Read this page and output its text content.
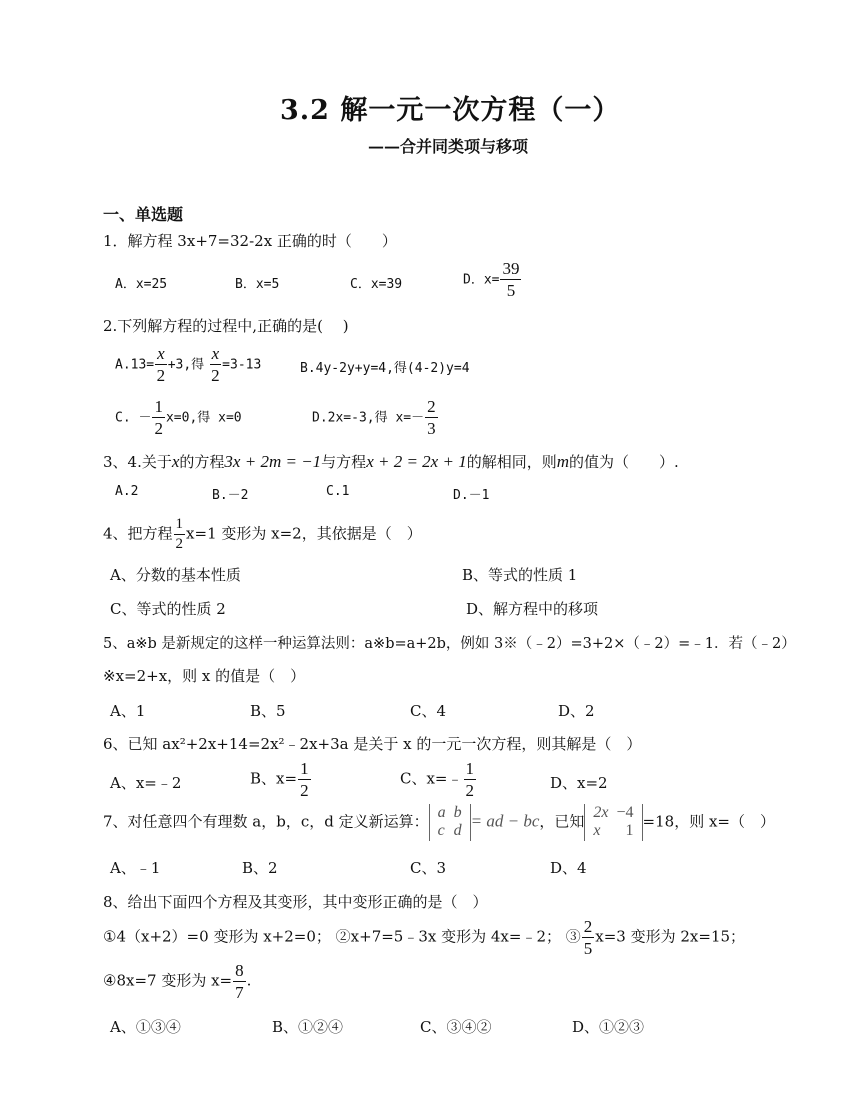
3.2 解一元一次方程（一）
——合并同类项与移项
一、单选题
1．解方程 3x+7=32-2x 正确的时（　　）
A．x=25	B．x=5	C．x=39	D．$x= \frac{39}{5}$
2.下列解方程的过程中,正确的是(　 )
$A.13= \frac{x}{2} +3$,得 $\frac{x}{2} =3-13$	B.4y-2y+y=4,得(4-2)y=4
C. － $\frac{1}{2} x=0$,得 x=0	D.2x=-3,得 $x=- \frac{2}{3}$
3、4.关于x的方程3x + 2m = −1与方程x + 2 = 2x + 1的解相同，则m的值为（　　）.
A.2	B.－2	C.1	D.－1
4、把方程 $\frac{1}{2} x=1$ 变形为 x=2，其依据是（　）
A、分数的基本性质	B、等式的性质 1
C、等式的性质 2	D、解方程中的移项
5、a※b 是新规定的这样一种运算法则：a※b=a+2b，例如 3※（﹣2）=3+2×（﹣2）=﹣1．若（﹣2）
※x=2+x，则 x 的值是（　）
A、1	B、5	C、4	D、2
6、已知 ax²+2x+14=2x²﹣2x+3a 是关于 x 的一元一次方程，则其解是（　）
A、x=﹣2	B、$x= \frac{1}{2}$	C、x=﹣ $\frac{1}{2}$	D、x=2
7、对任意四个有理数 a，b，c，d 定义新运算： a	b
c	d
= ad − bc，已知 2x	−4
x	1
=18，则 x=（　）
A、﹣1	B、2	C、3	D、4
8、给出下面四个方程及其变形，其中变形正确的是（　）
①4（x+2）=0 变形为 x+2=0； ②x+7=5﹣3x 变形为 4x=﹣2； ③ $\frac{2}{5} x=3$ 变形为 2x=15；
④8x=7 变形为 $x= \frac{8}{7}$ .
A、①③④	B、①②④	C、③④②	D、①②③
